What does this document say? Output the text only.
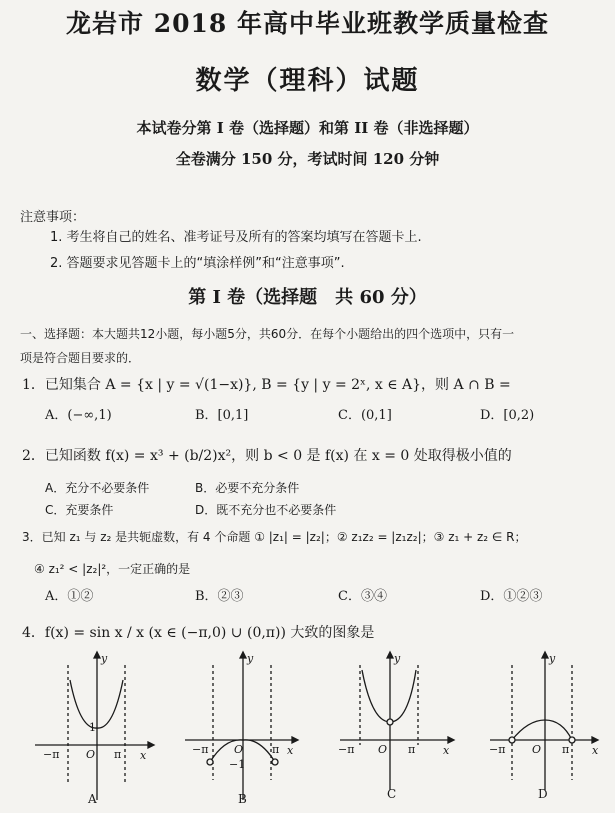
龙岩市 2018 年高中毕业班教学质量检查
数学（理科）试题
本试卷分第 I 卷（选择题）和第 II 卷（非选择题）
全卷满分 150 分，考试时间 120 分钟
注意事项：
1. 考生将自己的姓名、准考证号及所有的答案均填写在答题卡上.
2. 答题要求见答题卡上的“填涂样例”和“注意事项”.
第 I 卷（选择题　共 60 分）
一、选择题：本大题共12小题，每小题5分，共60分．在每个小题给出的四个选项中，只有一
项是符合题目要求的．
1．已知集合 A = {x | y = √(1−x)}, B = {y | y = 2ˣ, x ∈ A}，则 A ∩ B =
A．(−∞,1)	B．[0,1]	C．(0,1]	D．[0,2)
2．已知函数 f(x) = x³ + (b/2)x²，则 b < 0 是 f(x) 在 x = 0 处取得极小值的
A．充分不必要条件	B．必要不充分条件
C．充要条件	D．既不充分也不必要条件
3．已知 z₁ 与 z₂ 是共轭虚数，有 4 个命题 ① |z₁| = |z₂|；② z₁z₂ = |z₁z₂|；③ z₁ + z₂ ∈ R；
④ z₁² < |z₂|²，一定正确的是
A．①②	B．②③	C．③④	D．①②③
4．f(x) = sin x / x (x ∈ (−π,0) ∪ (0,π)) 大致的图象是
y
x
O
−π	π
1
y
x
O
−π	π
−1
y
x
O
−π	π
y
x
O
−π	π
A	B	C	D
